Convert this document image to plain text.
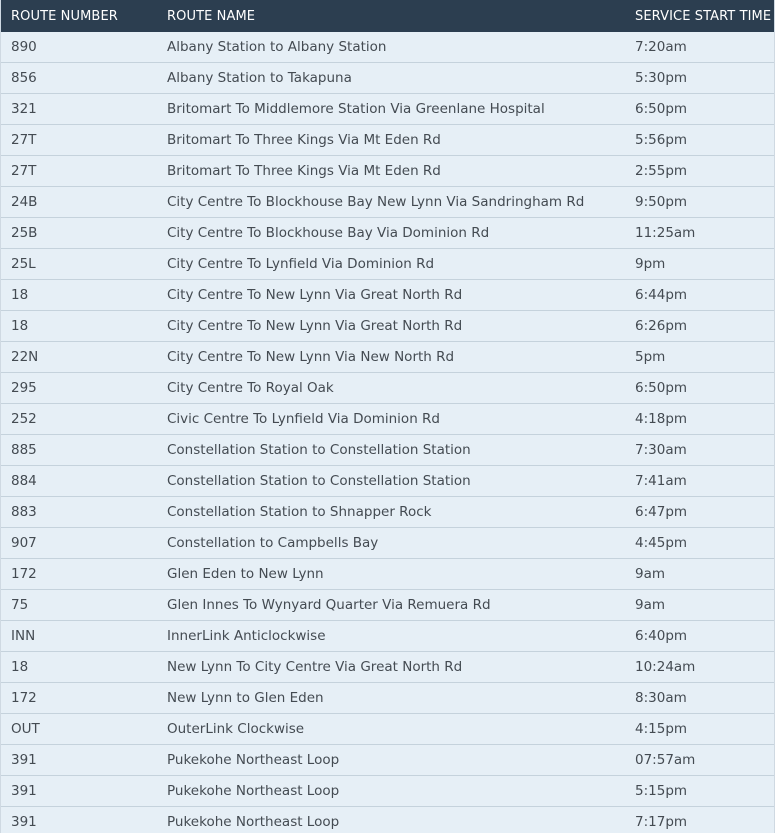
ROUTE NUMBER	ROUTE NAME	SERVICE START TIME
890	Albany Station to Albany Station	7:20am
856	Albany Station to Takapuna	5:30pm
321	Britomart To Middlemore Station Via Greenlane Hospital	6:50pm
27T	Britomart To Three Kings Via Mt Eden Rd	5:56pm
27T	Britomart To Three Kings Via Mt Eden Rd	2:55pm
24B	City Centre To Blockhouse Bay New Lynn Via Sandringham Rd	9:50pm
25B	City Centre To Blockhouse Bay Via Dominion Rd	11:25am
25L	City Centre To Lynfield Via Dominion Rd	9pm
18	City Centre To New Lynn Via Great North Rd	6:44pm
18	City Centre To New Lynn Via Great North Rd	6:26pm
22N	City Centre To New Lynn Via New North Rd	5pm
295	City Centre To Royal Oak	6:50pm
252	Civic Centre To Lynfield Via Dominion Rd	4:18pm
885	Constellation Station to Constellation Station	7:30am
884	Constellation Station to Constellation Station	7:41am
883	Constellation Station to Shnapper Rock	6:47pm
907	Constellation to Campbells Bay	4:45pm
172	Glen Eden to New Lynn	9am
75	Glen Innes To Wynyard Quarter Via Remuera Rd	9am
INN	InnerLink Anticlockwise	6:40pm
18	New Lynn To City Centre Via Great North Rd	10:24am
172	New Lynn to Glen Eden	8:30am
OUT	OuterLink Clockwise	4:15pm
391	Pukekohe Northeast Loop	07:57am
391	Pukekohe Northeast Loop	5:15pm
391	Pukekohe Northeast Loop	7:17pm
